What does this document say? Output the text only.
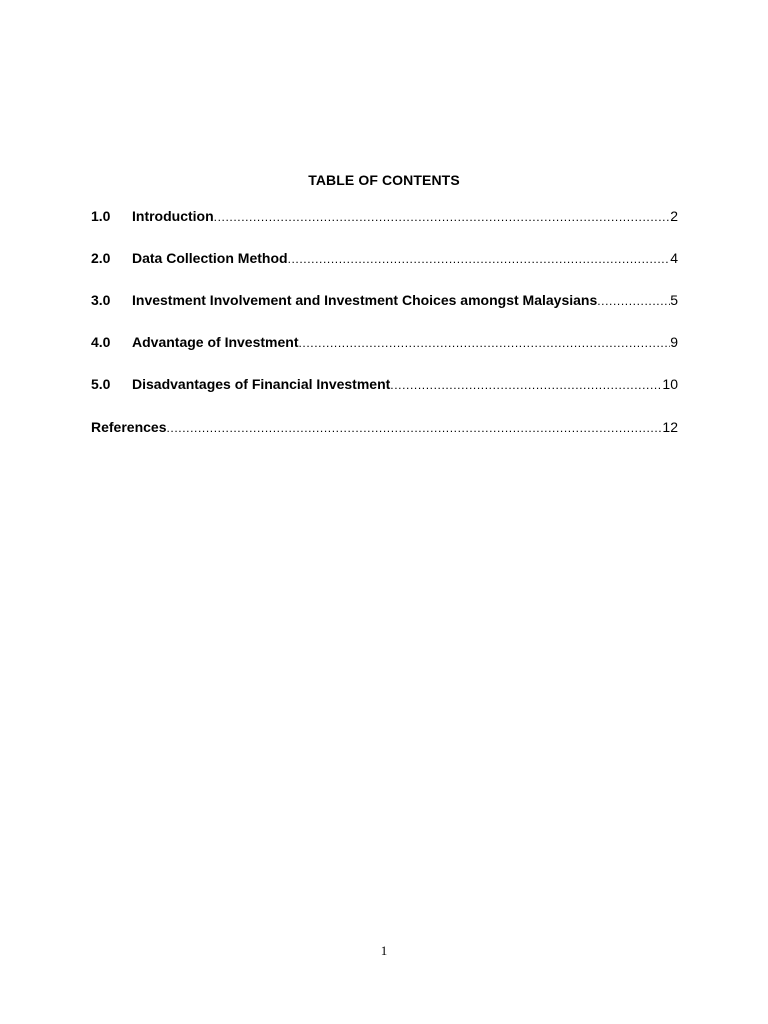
TABLE OF CONTENTS
1.0	Introduction .....	2
2.0	Data Collection Method .....	4
3.0	Investment Involvement and Investment Choices amongst Malaysians .....	5
4.0	Advantage of Investment .....	9
5.0	Disadvantages of Financial Investment .....	10
References .....	12
1
